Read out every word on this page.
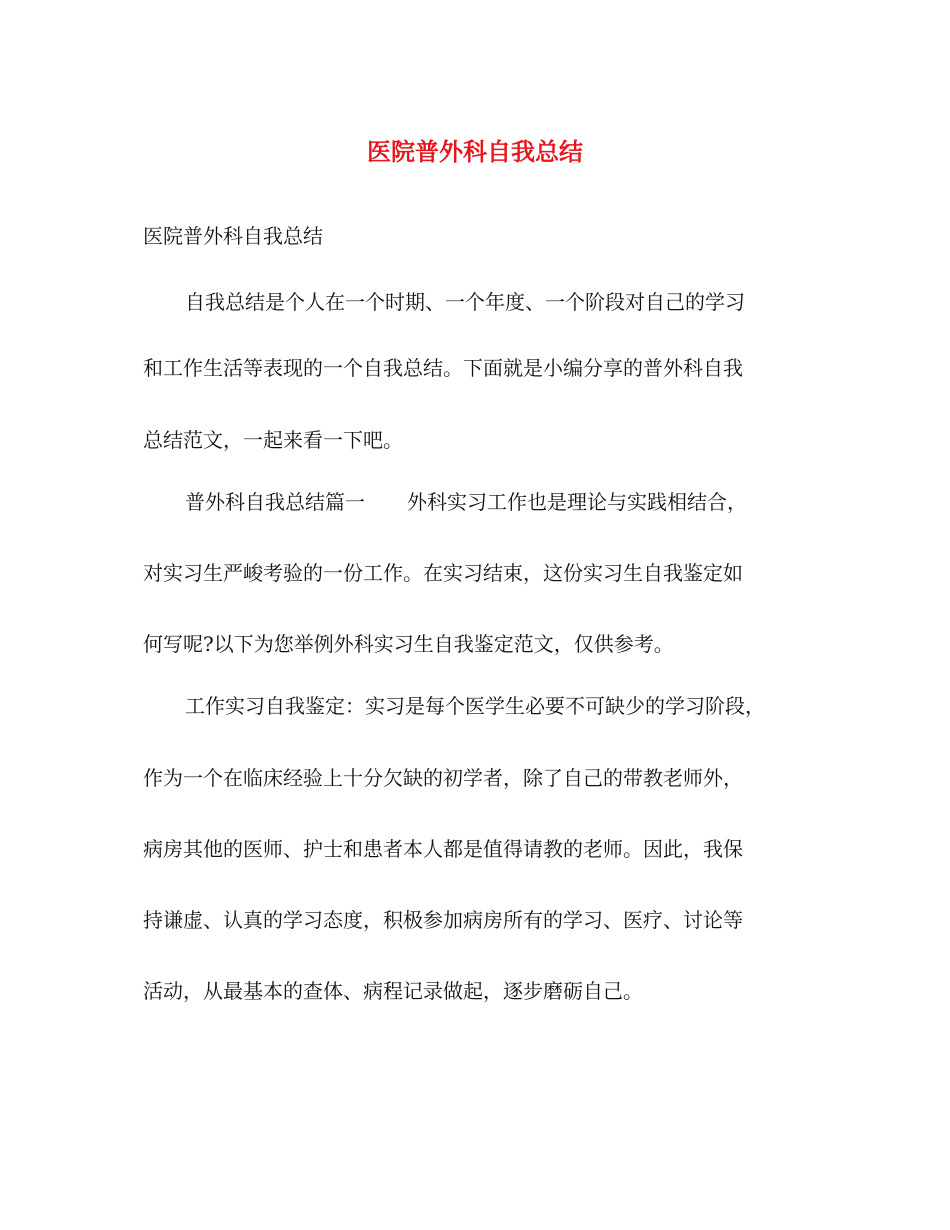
医院普外科自我总结

医院普外科自我总结

自我总结是个人在一个时期、一个年度、一个阶段对自己的学习

和工作生活等表现的一个自我总结。下面就是小编分享的普外科自我

总结范文，一起来看一下吧。

普外科自我总结篇一 外科实习工作也是理论与实践相结合，

对实习生严峻考验的一份工作。在实习结束，这份实习生自我鉴定如

何写呢?以下为您举例外科实习生自我鉴定范文，仅供参考。

工作实习自我鉴定：实习是每个医学生必要不可缺少的学习阶段，

作为一个在临床经验上十分欠缺的初学者，除了自己的带教老师外，

病房其他的医师、护士和患者本人都是值得请教的老师。因此，我保

持谦虚、认真的学习态度，积极参加病房所有的学习、医疗、讨论等

活动，从最基本的查体、病程记录做起，逐步磨砺自己。
